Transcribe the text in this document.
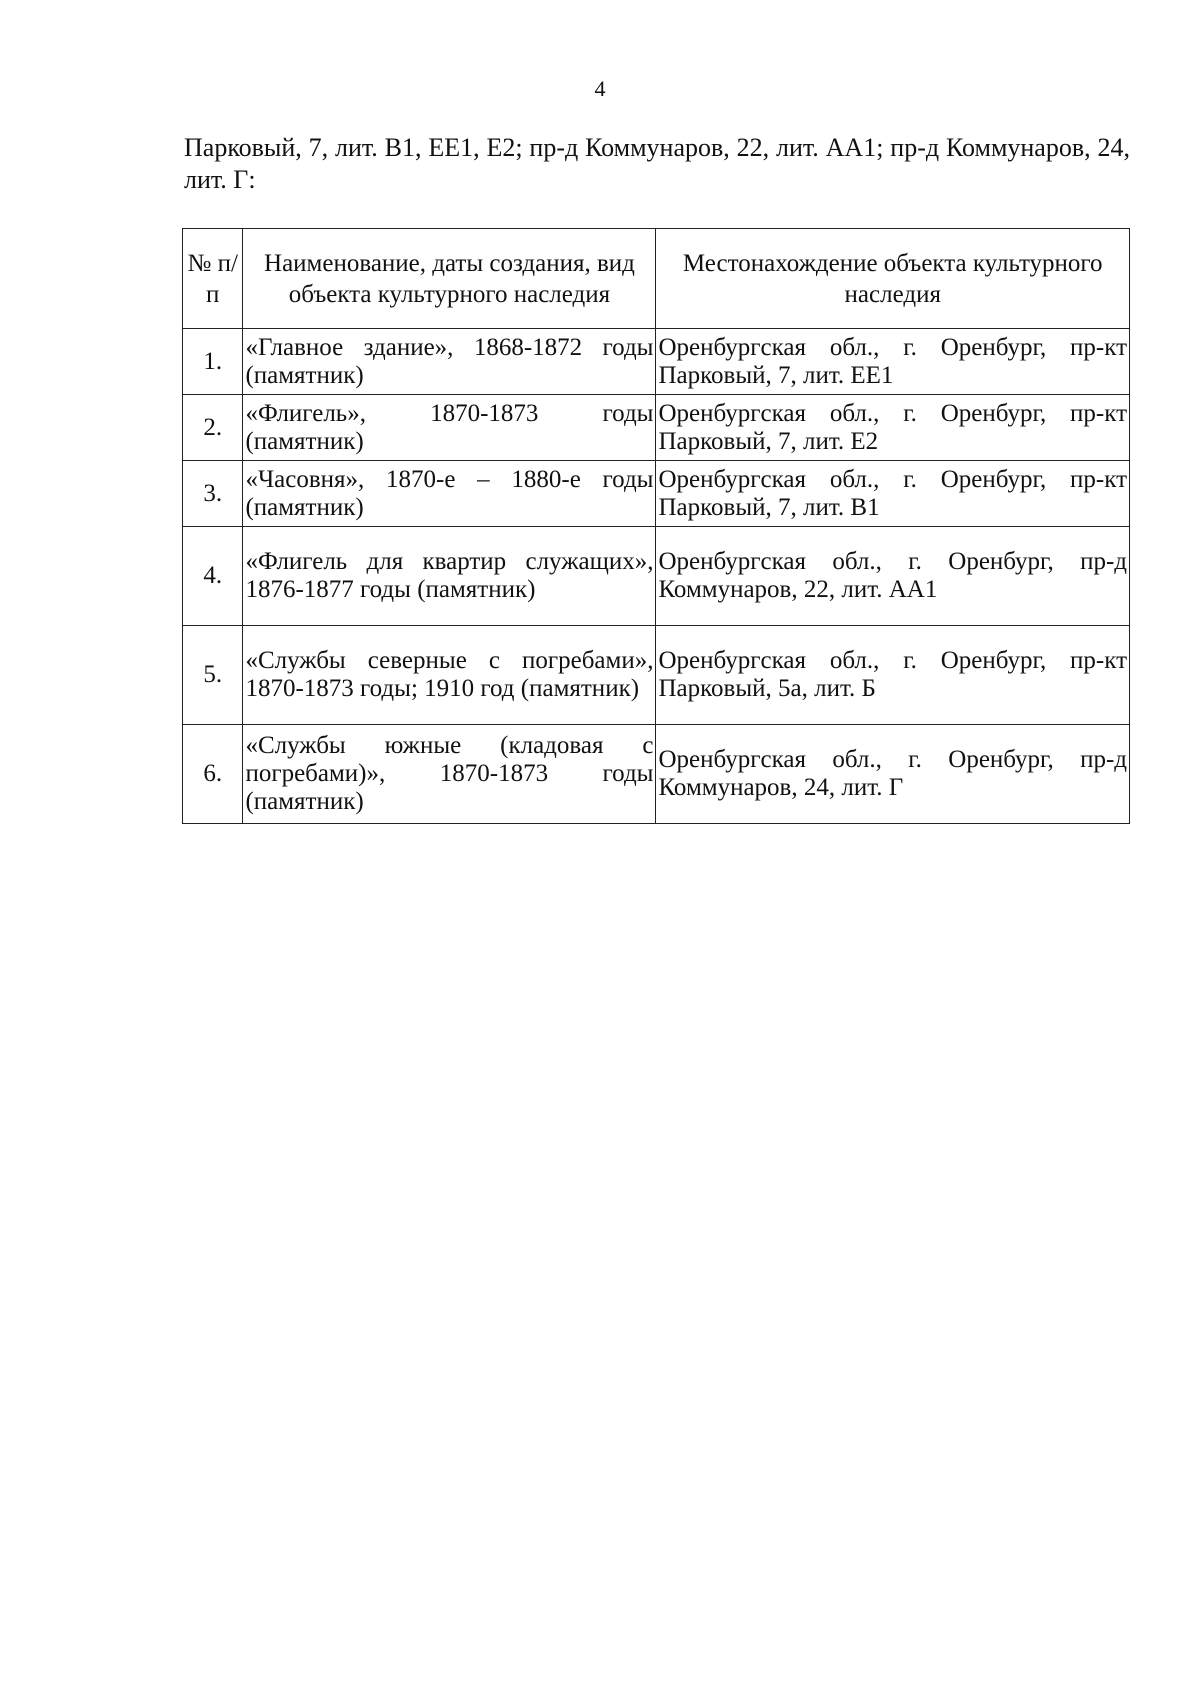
4

Парковый, 7, лит. В1, ЕЕ1, Е2; пр-д Коммунаров, 22, лит. АА1; пр-д Коммунаров, 24, лит. Г:

№ п/п	Наименование, даты создания, вид объекта культурного наследия	Местонахождение объекта культурного наследия
1.	«Главное здание», 1868-1872 годы (памятник)	Оренбургская обл., г. Оренбург, пр-кт Парковый, 7, лит. ЕЕ1
2.	«Флигель», 1870-1873 годы (памятник)	Оренбургская обл., г. Оренбург, пр-кт Парковый, 7, лит. Е2
3.	«Часовня», 1870-е – 1880-е годы (памятник)	Оренбургская обл., г. Оренбург, пр-кт Парковый, 7, лит. В1
4.	«Флигель для квартир служащих», 1876-1877 годы (памятник)	Оренбургская обл., г. Оренбург, пр-д Коммунаров, 22, лит. АА1
5.	«Службы северные с погребами», 1870-1873 годы; 1910 год (памятник)	Оренбургская обл., г. Оренбург, пр-кт Парковый, 5а, лит. Б
6.	«Службы южные (кладовая с погребами)», 1870-1873 годы (памятник)	Оренбургская обл., г. Оренбург, пр-д Коммунаров, 24, лит. Г
